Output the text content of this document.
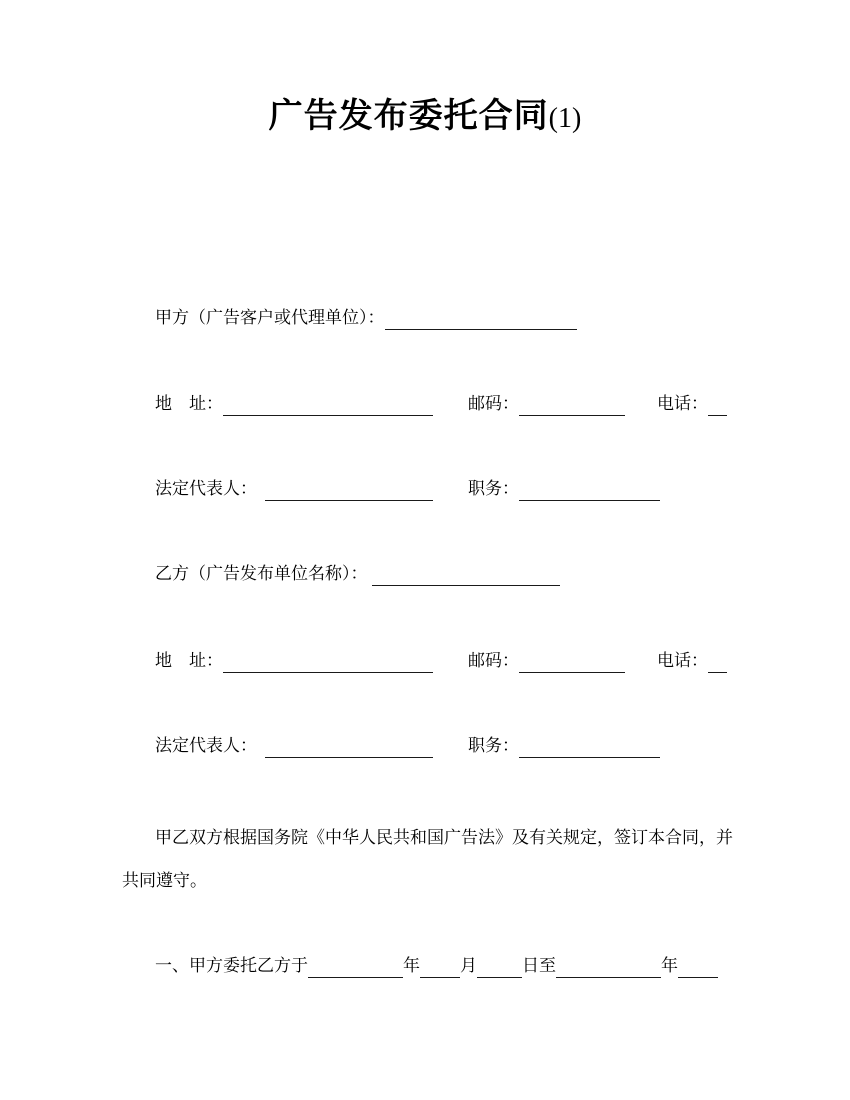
广告发布委托合同(1)
甲方（广告客户或代理单位）：
地　址：	邮码：	电话：
法定代表人：	职务：
乙方（广告发布单位名称）：
地　址：	邮码：	电话：
法定代表人：	职务：
甲乙双方根据国务院《中华人民共和国广告法》及有关规定，签订本合同，并
共同遵守。
一、甲方委托乙方于	年 月	日至	年
